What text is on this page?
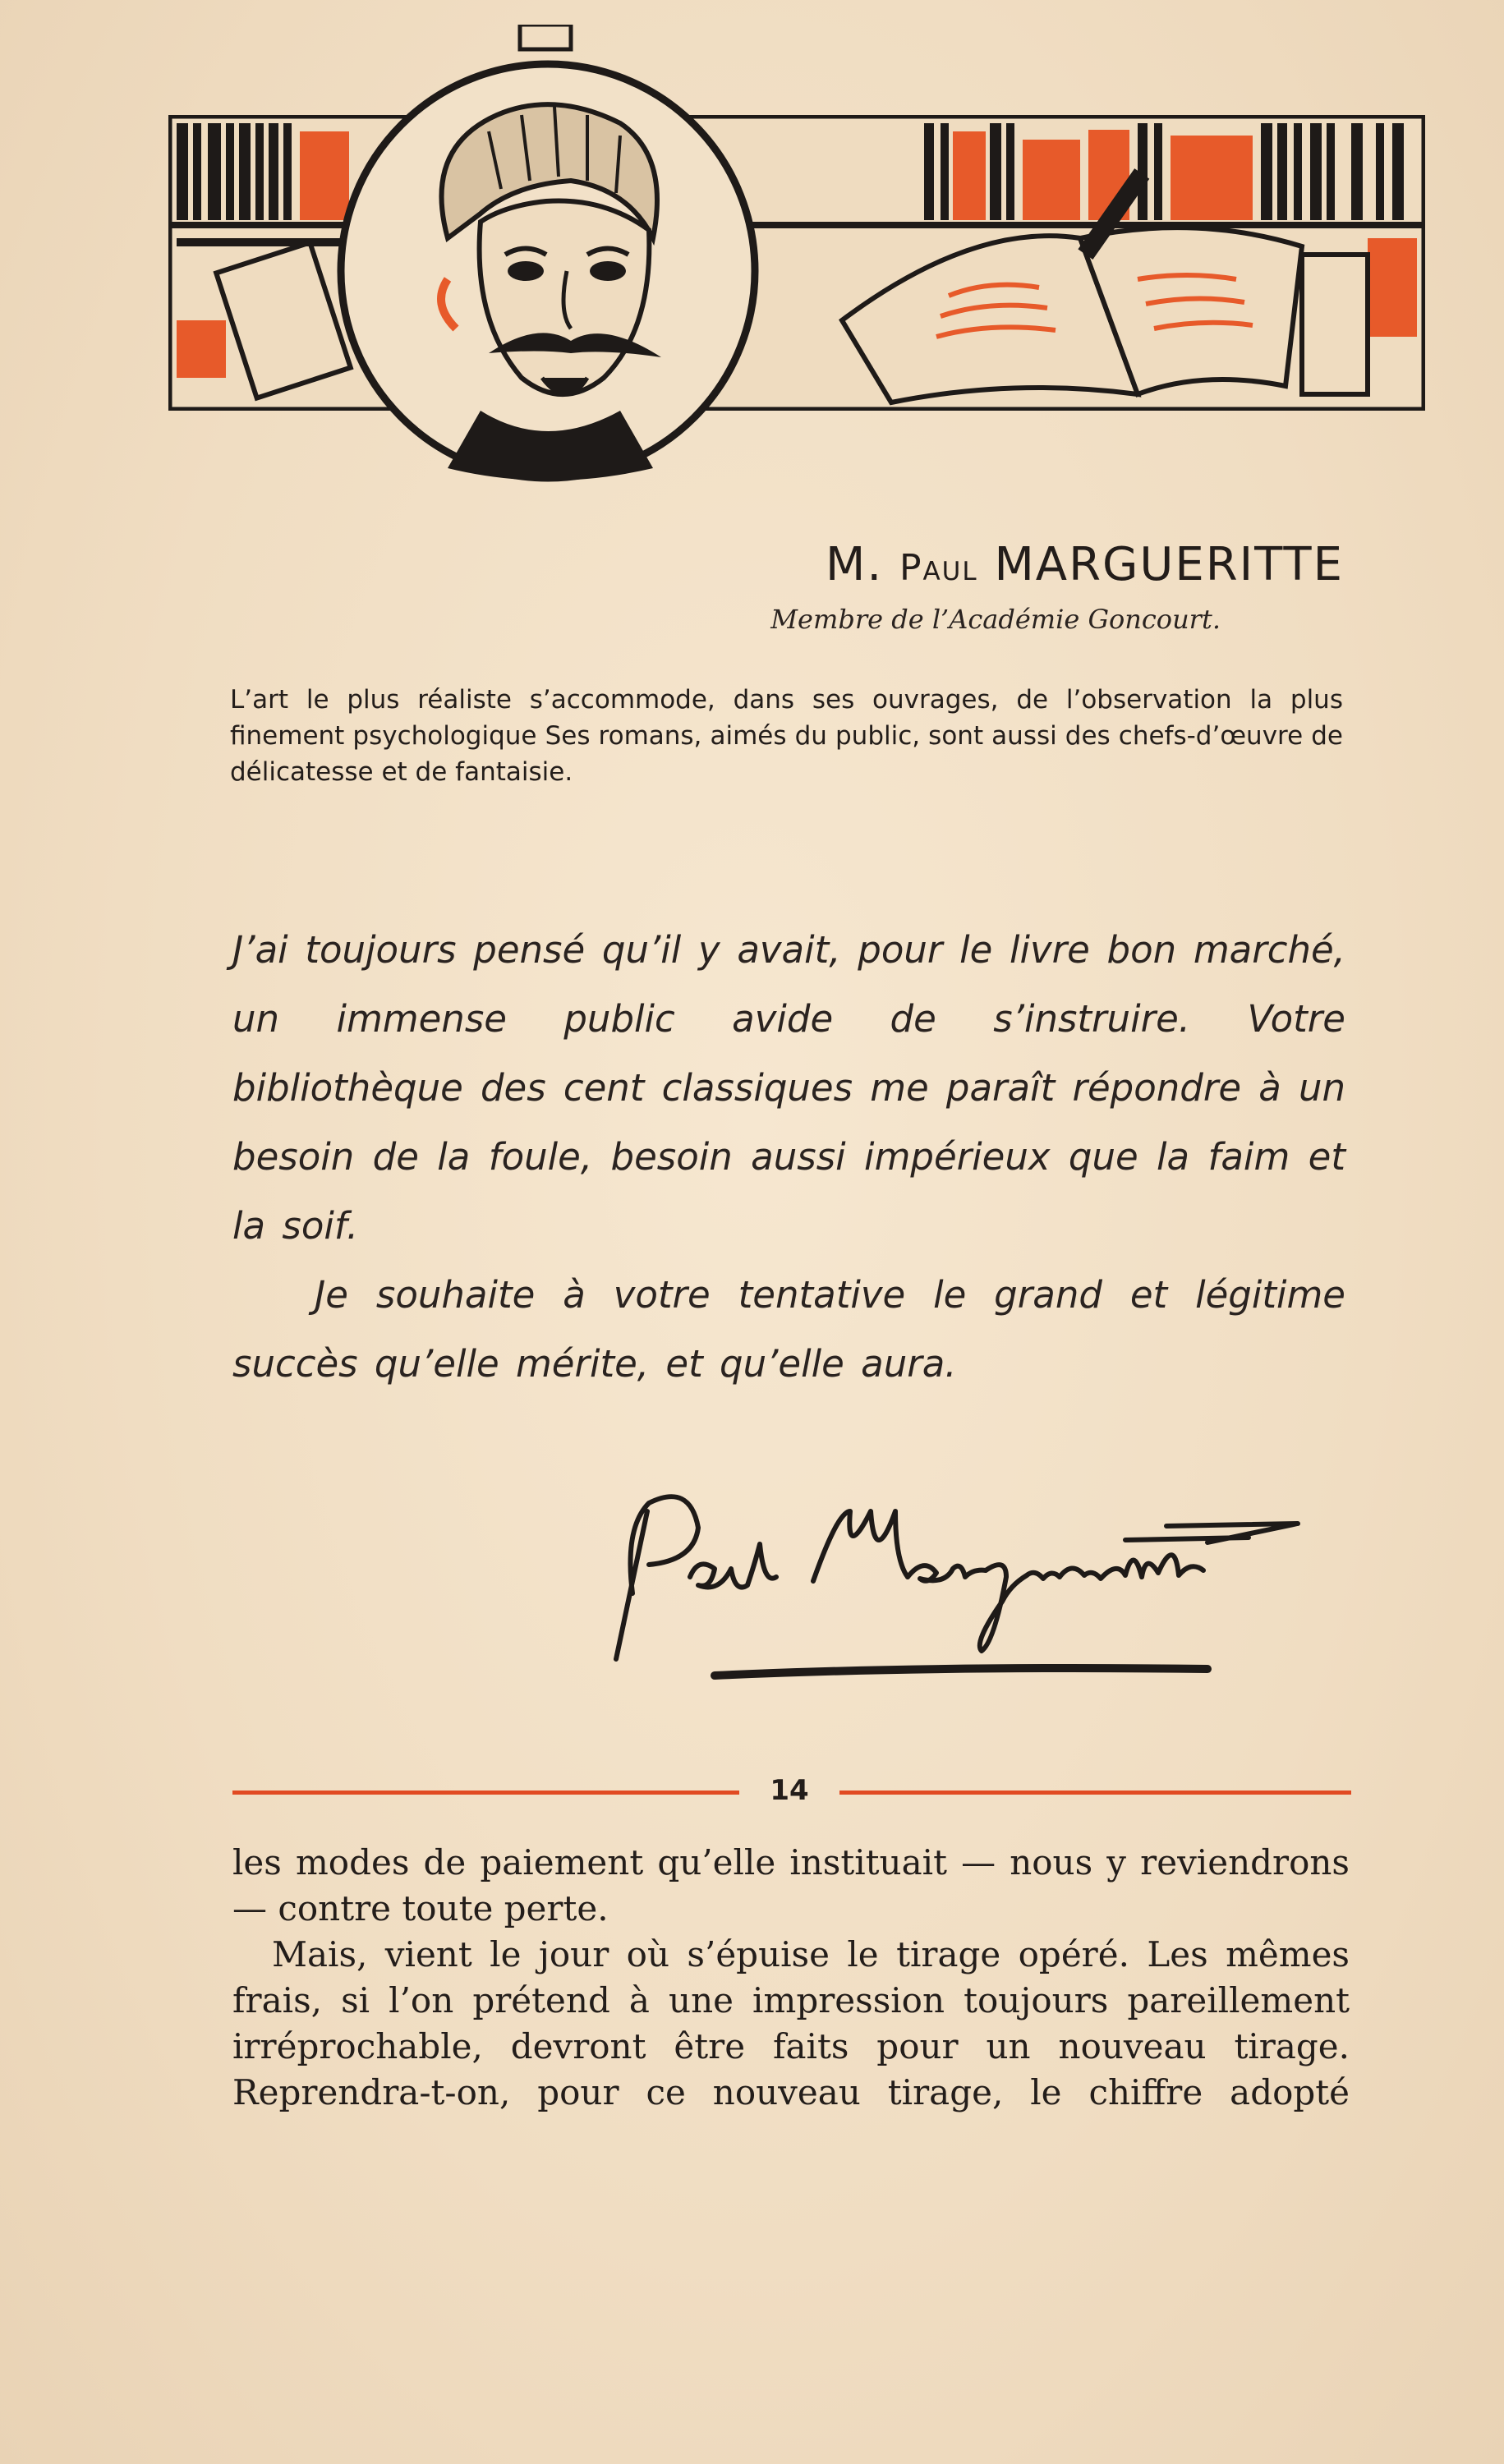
M. Paul MARGUERITTE
Membre de l’Académie Goncourt.
L’art le plus réaliste s’accommode, dans ses ouvrages, de l’observation la plus finement psychologique Ses romans, aimés du public, sont aussi des chefs-d’œuvre de délicatesse et de fantaisie.

J’ai toujours pensé qu’il y avait, pour le livre bon marché, un immense public avide de s’instruire. Votre bibliothèque des cent classiques me paraît répondre à un besoin de la foule, besoin aussi impérieux que la faim et la soif.

Je souhaite à votre tentative le grand et légitime succès qu’elle mérite, et qu’elle aura.

14

les modes de paiement qu’elle instituait — nous y reviendrons — contre toute perte.

Mais, vient le jour où s’épuise le tirage opéré. Les mêmes frais, si l’on prétend à une impression toujours pareillement irréprochable, devront être faits pour un nouveau tirage. Reprendra-t-on, pour ce nouveau tirage, le chiffre adopté
